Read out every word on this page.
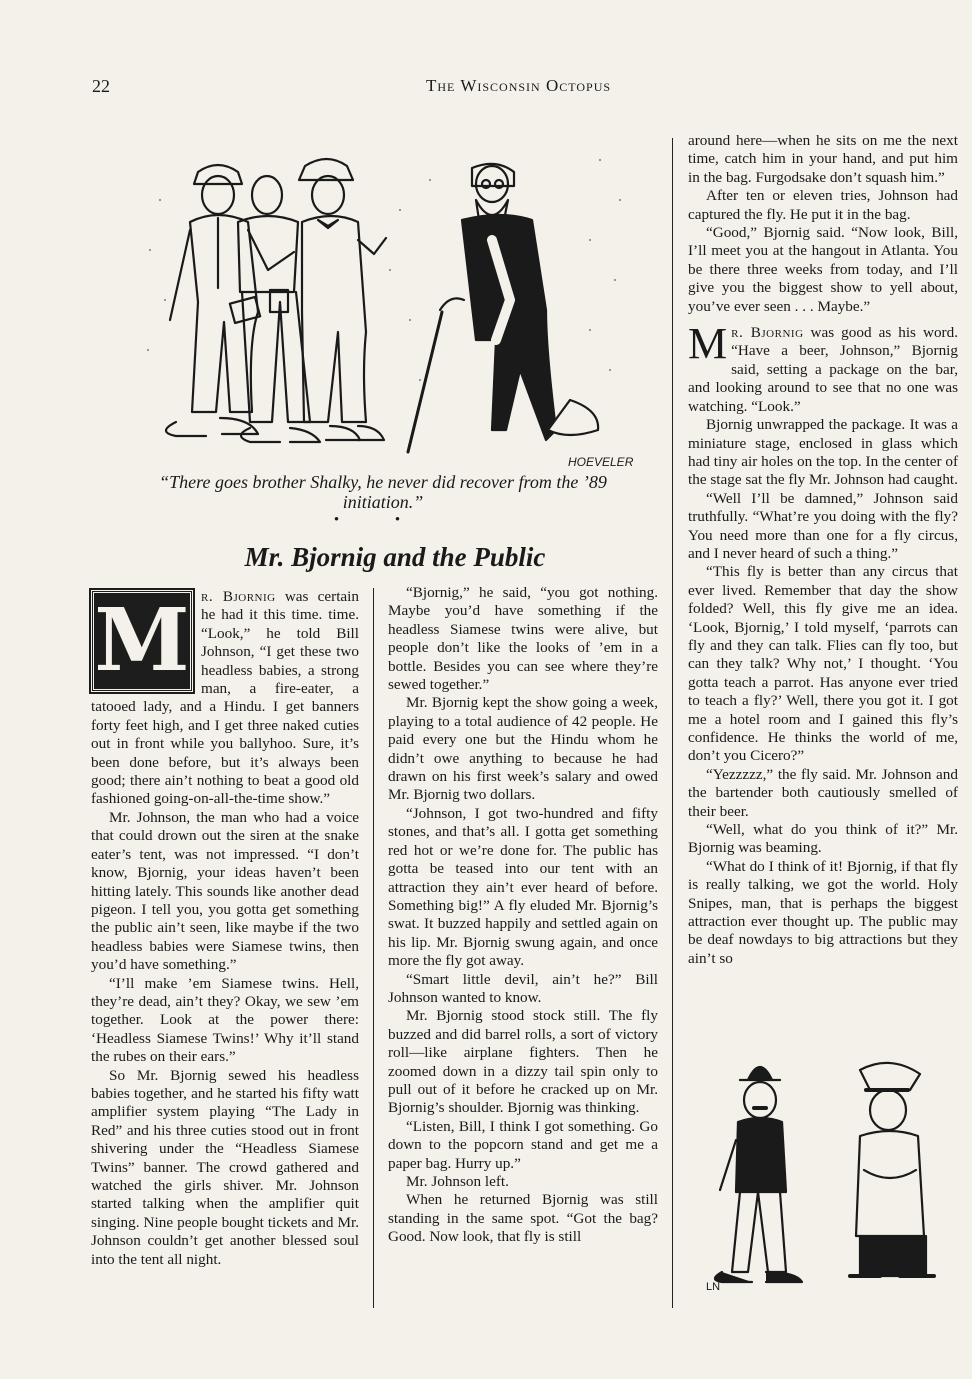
22	The Wisconsin Octopus
HOEVELER
“There goes brother Shalky, he never did recover from the ’89 initiation.”
• •
Mr. Bjornig and the Public

M r. Bjornig was certain he had it this time. time. “Look,” he told Bill Johnson, “I get these two headless babies, a strong man, a fire-eater, a tatooed lady, and a Hindu. I get banners forty feet high, and I get three naked cuties out in front while you ballyhoo. Sure, it’s been done before, but it’s always been good; there ain’t nothing to beat a good old fashioned going-on-all-the-time show.”

Mr. Johnson, the man who had a voice that could drown out the siren at the snake eater’s tent, was not impressed. “I don’t know, Bjornig, your ideas haven’t been hitting lately. This sounds like another dead pigeon. I tell you, you gotta get something the public ain’t seen, like maybe if the two headless babies were Siamese twins, then you’d have something.”

“I’ll make ’em Siamese twins. Hell, they’re dead, ain’t they? Okay, we sew ’em together. Look at the power there: ‘Headless Siamese Twins!’ Why it’ll stand the rubes on their ears.”

So Mr. Bjornig sewed his headless babies together, and he started his fifty watt amplifier system playing “The Lady in Red” and his three cuties stood out in front shivering under the “Headless Siamese Twins” banner. The crowd gathered and watched the girls shiver. Mr. Johnson started talking when the amplifier quit singing. Nine people bought tickets and Mr. Johnson couldn’t get another blessed soul into the tent all night.

“Bjornig,” he said, “you got nothing. Maybe you’d have something if the headless Siamese twins were alive, but people don’t like the looks of ’em in a bottle. Besides you can see where they’re sewed together.”

Mr. Bjornig kept the show going a week, playing to a total audience of 42 people. He paid every one but the Hindu whom he didn’t owe anything to because he had drawn on his first week’s salary and owed Mr. Bjornig two dollars.

“Johnson, I got two-hundred and fifty stones, and that’s all. I gotta get something red hot or we’re done for. The public has gotta be teased into our tent with an attraction they ain’t ever heard of before. Something big!” A fly eluded Mr. Bjornig’s swat. It buzzed happily and settled again on his lip. Mr. Bjornig swung again, and once more the fly got away.

“Smart little devil, ain’t he?” Bill Johnson wanted to know.

Mr. Bjornig stood stock still. The fly buzzed and did barrel rolls, a sort of victory roll—like airplane fighters. Then he zoomed down in a dizzy tail spin only to pull out of it before he cracked up on Mr. Bjornig’s shoulder. Bjornig was thinking.

“Listen, Bill, I think I got something. Go down to the popcorn stand and get me a paper bag. Hurry up.”

Mr. Johnson left.

When he returned Bjornig was still standing in the same spot. “Got the bag? Good. Now look, that fly is still

around here—when he sits on me the next time, catch him in your hand, and put him in the bag. Furgodsake don’t squash him.”

After ten or eleven tries, Johnson had captured the fly. He put it in the bag.

“Good,” Bjornig said. “Now look, Bill, I’ll meet you at the hangout in Atlanta. You be there three weeks from today, and I’ll give you the biggest show to yell about, you’ve ever seen . . . Maybe.”

Mr. Bjornig was good as his word. “Have a beer, Johnson,” Bjornig said, setting a package on the bar, and looking around to see that no one was watching. “Look.”

Bjornig unwrapped the package. It was a miniature stage, enclosed in glass which had tiny air holes on the top. In the center of the stage sat the fly Mr. Johnson had caught.

“Well I’ll be damned,” Johnson said truthfully. “What’re you doing with the fly? You need more than one for a fly circus, and I never heard of such a thing.”

“This fly is better than any circus that ever lived. Remember that day the show folded? Well, this fly give me an idea. ‘Look, Bjornig,’ I told myself, ‘parrots can fly and they can talk. Flies can fly too, but can they talk? Why not,’ I thought. ‘You gotta teach a parrot. Has anyone ever tried to teach a fly?’ Well, there you got it. I got me a hotel room and I gained this fly’s confidence. He thinks the world of me, don’t you Cicero?”

“Yezzzzz,” the fly said. Mr. Johnson and the bartender both cautiously smelled of their beer.

“Well, what do you think of it?” Mr. Bjornig was beaming.

“What do I think of it! Bjornig, if that fly is really talking, we got the world. Holy Snipes, man, that is perhaps the biggest attraction ever thought up. The public may be deaf nowdays to big attractions but they ain’t so

LN
